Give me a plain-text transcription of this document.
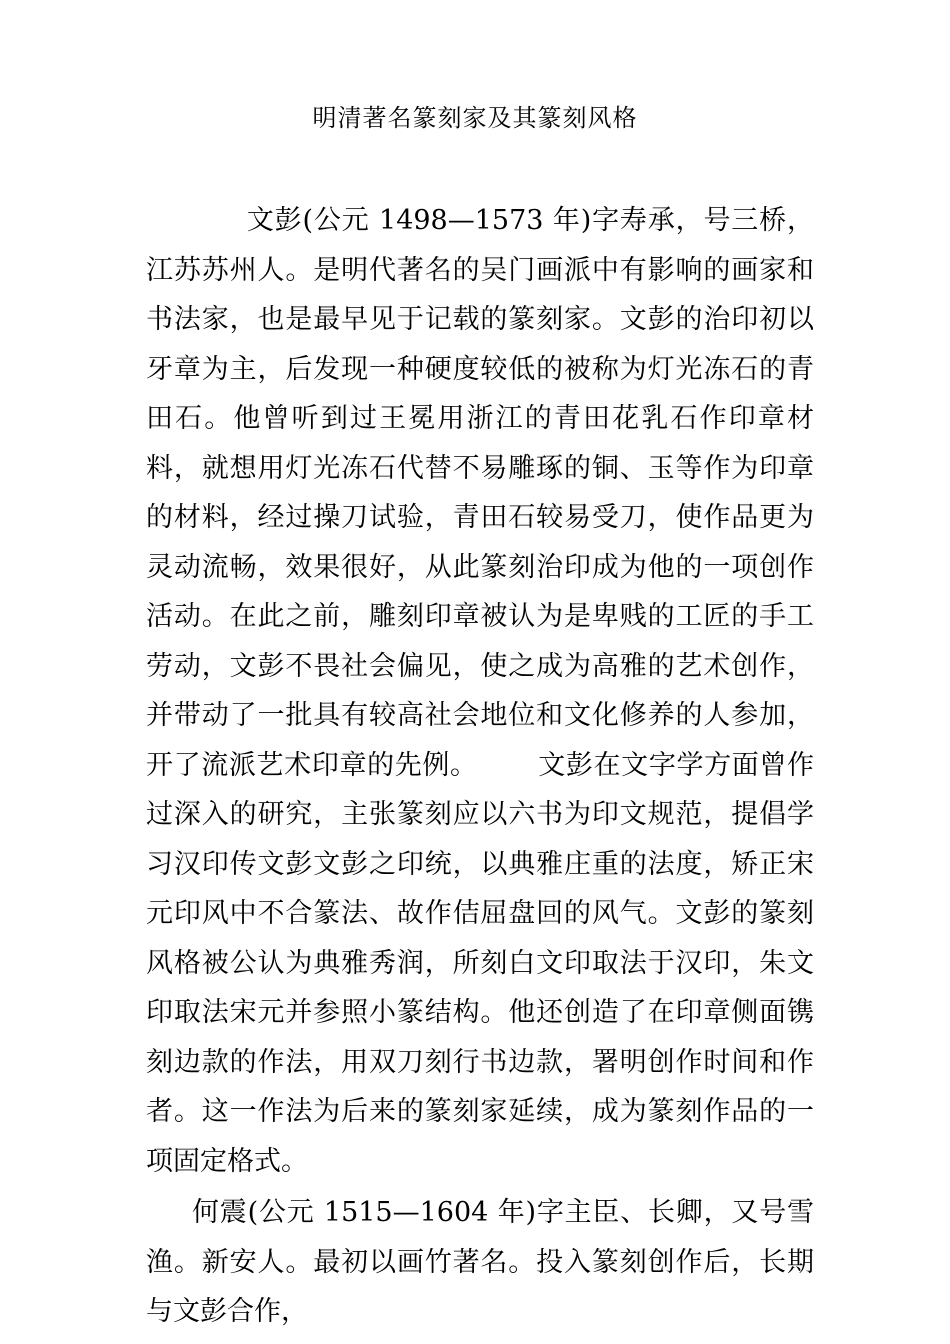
明清著名篆刻家及其篆刻风格

文彭(公元 1498—1573 年)字寿承，号三桥，江苏苏州人。是明代著名的吴门画派中有影响的画家和书法家，也是最早见于记载的篆刻家。文彭的治印初以牙章为主，后发现一种硬度较低的被称为灯光冻石的青田石。他曾听到过王冕用浙江的青田花乳石作印章材料，就想用灯光冻石代替不易雕琢的铜、玉等作为印章的材料，经过操刀试验，青田石较易受刀，使作品更为灵动流畅，效果很好，从此篆刻治印成为他的一项创作活动。在此之前，雕刻印章被认为是卑贱的工匠的手工劳动，文彭不畏社会偏见，使之成为高雅的艺术创作，并带动了一批具有较高社会地位和文化修养的人参加，开了流派艺术印章的先例。 文彭在文字学方面曾作过深入的研究，主张篆刻应以六书为印文规范，提倡学习汉印传文彭文彭之印统，以典雅庄重的法度，矫正宋元印风中不合篆法、故作佶屈盘回的风气。文彭的篆刻风格被公认为典雅秀润，所刻白文印取法于汉印，朱文印取法宋元并参照小篆结构。他还创造了在印章侧面镌刻边款的作法，用双刀刻行书边款，署明创作时间和作者。这一作法为后来的篆刻家延续，成为篆刻作品的一项固定格式。

何震(公元 1515—1604 年)字主臣、长卿，又号雪渔。新安人。最初以画竹著名。投入篆刻创作后，长期与文彭合作，
